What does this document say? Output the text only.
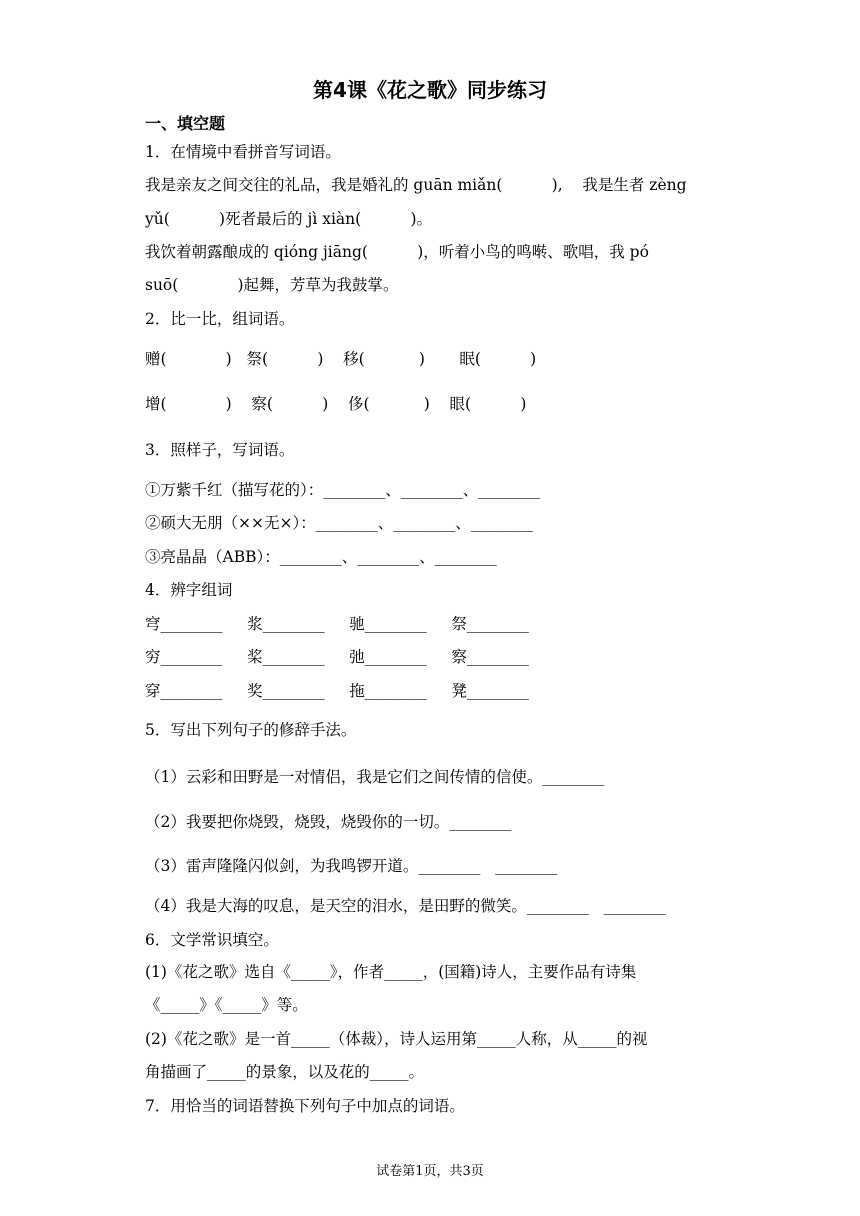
第4课《花之歌》同步练习
一、填空题
1．在情境中看拼音写词语。
我是亲友之间交往的礼品，我是婚礼的 guān miǎn(          ),    我是生者 zèng
yǔ(          )死者最后的 jì xiàn(          )。
我饮着朝露酿成的 qióng jiāng(          )，听着小鸟的鸣啭、歌唱，我 pó
suō(            )起舞，芳草为我鼓掌。
2．比一比，组词语。
赠(            )   祭(          )    移(           )       眠(          )
增(            )    察(          )    侈(           )    眼(          )
3．照样子，写词语。
①万紫千红（描写花的）：________、________、________
②硕大无朋（××无×）：________、________、________
③亮晶晶（ABB）：________、________、________
4．辨字组词
穹________     浆________     驰________     祭________
穷________     桨________     弛________     察________
穿________     奖________     拖________     凳________
5．写出下列句子的修辞手法。
（1）云彩和田野是一对情侣，我是它们之间传情的信使。________
（2）我要把你烧毁，烧毁，烧毁你的一切。________
（3）雷声隆隆闪似剑，为我鸣锣开道。________   ________
（4）我是大海的叹息，是天空的泪水，是田野的微笑。________   ________
6．文学常识填空。
(1)《花之歌》选自《_____》，作者_____，(国籍)诗人，主要作品有诗集
《_____》《_____》等。
(2)《花之歌》是一首_____（体裁），诗人运用第_____人称，从_____的视
角描画了_____的景象，以及花的_____。
7．用恰当的词语替换下列句子中加点的词语。
试卷第1页，共3页
